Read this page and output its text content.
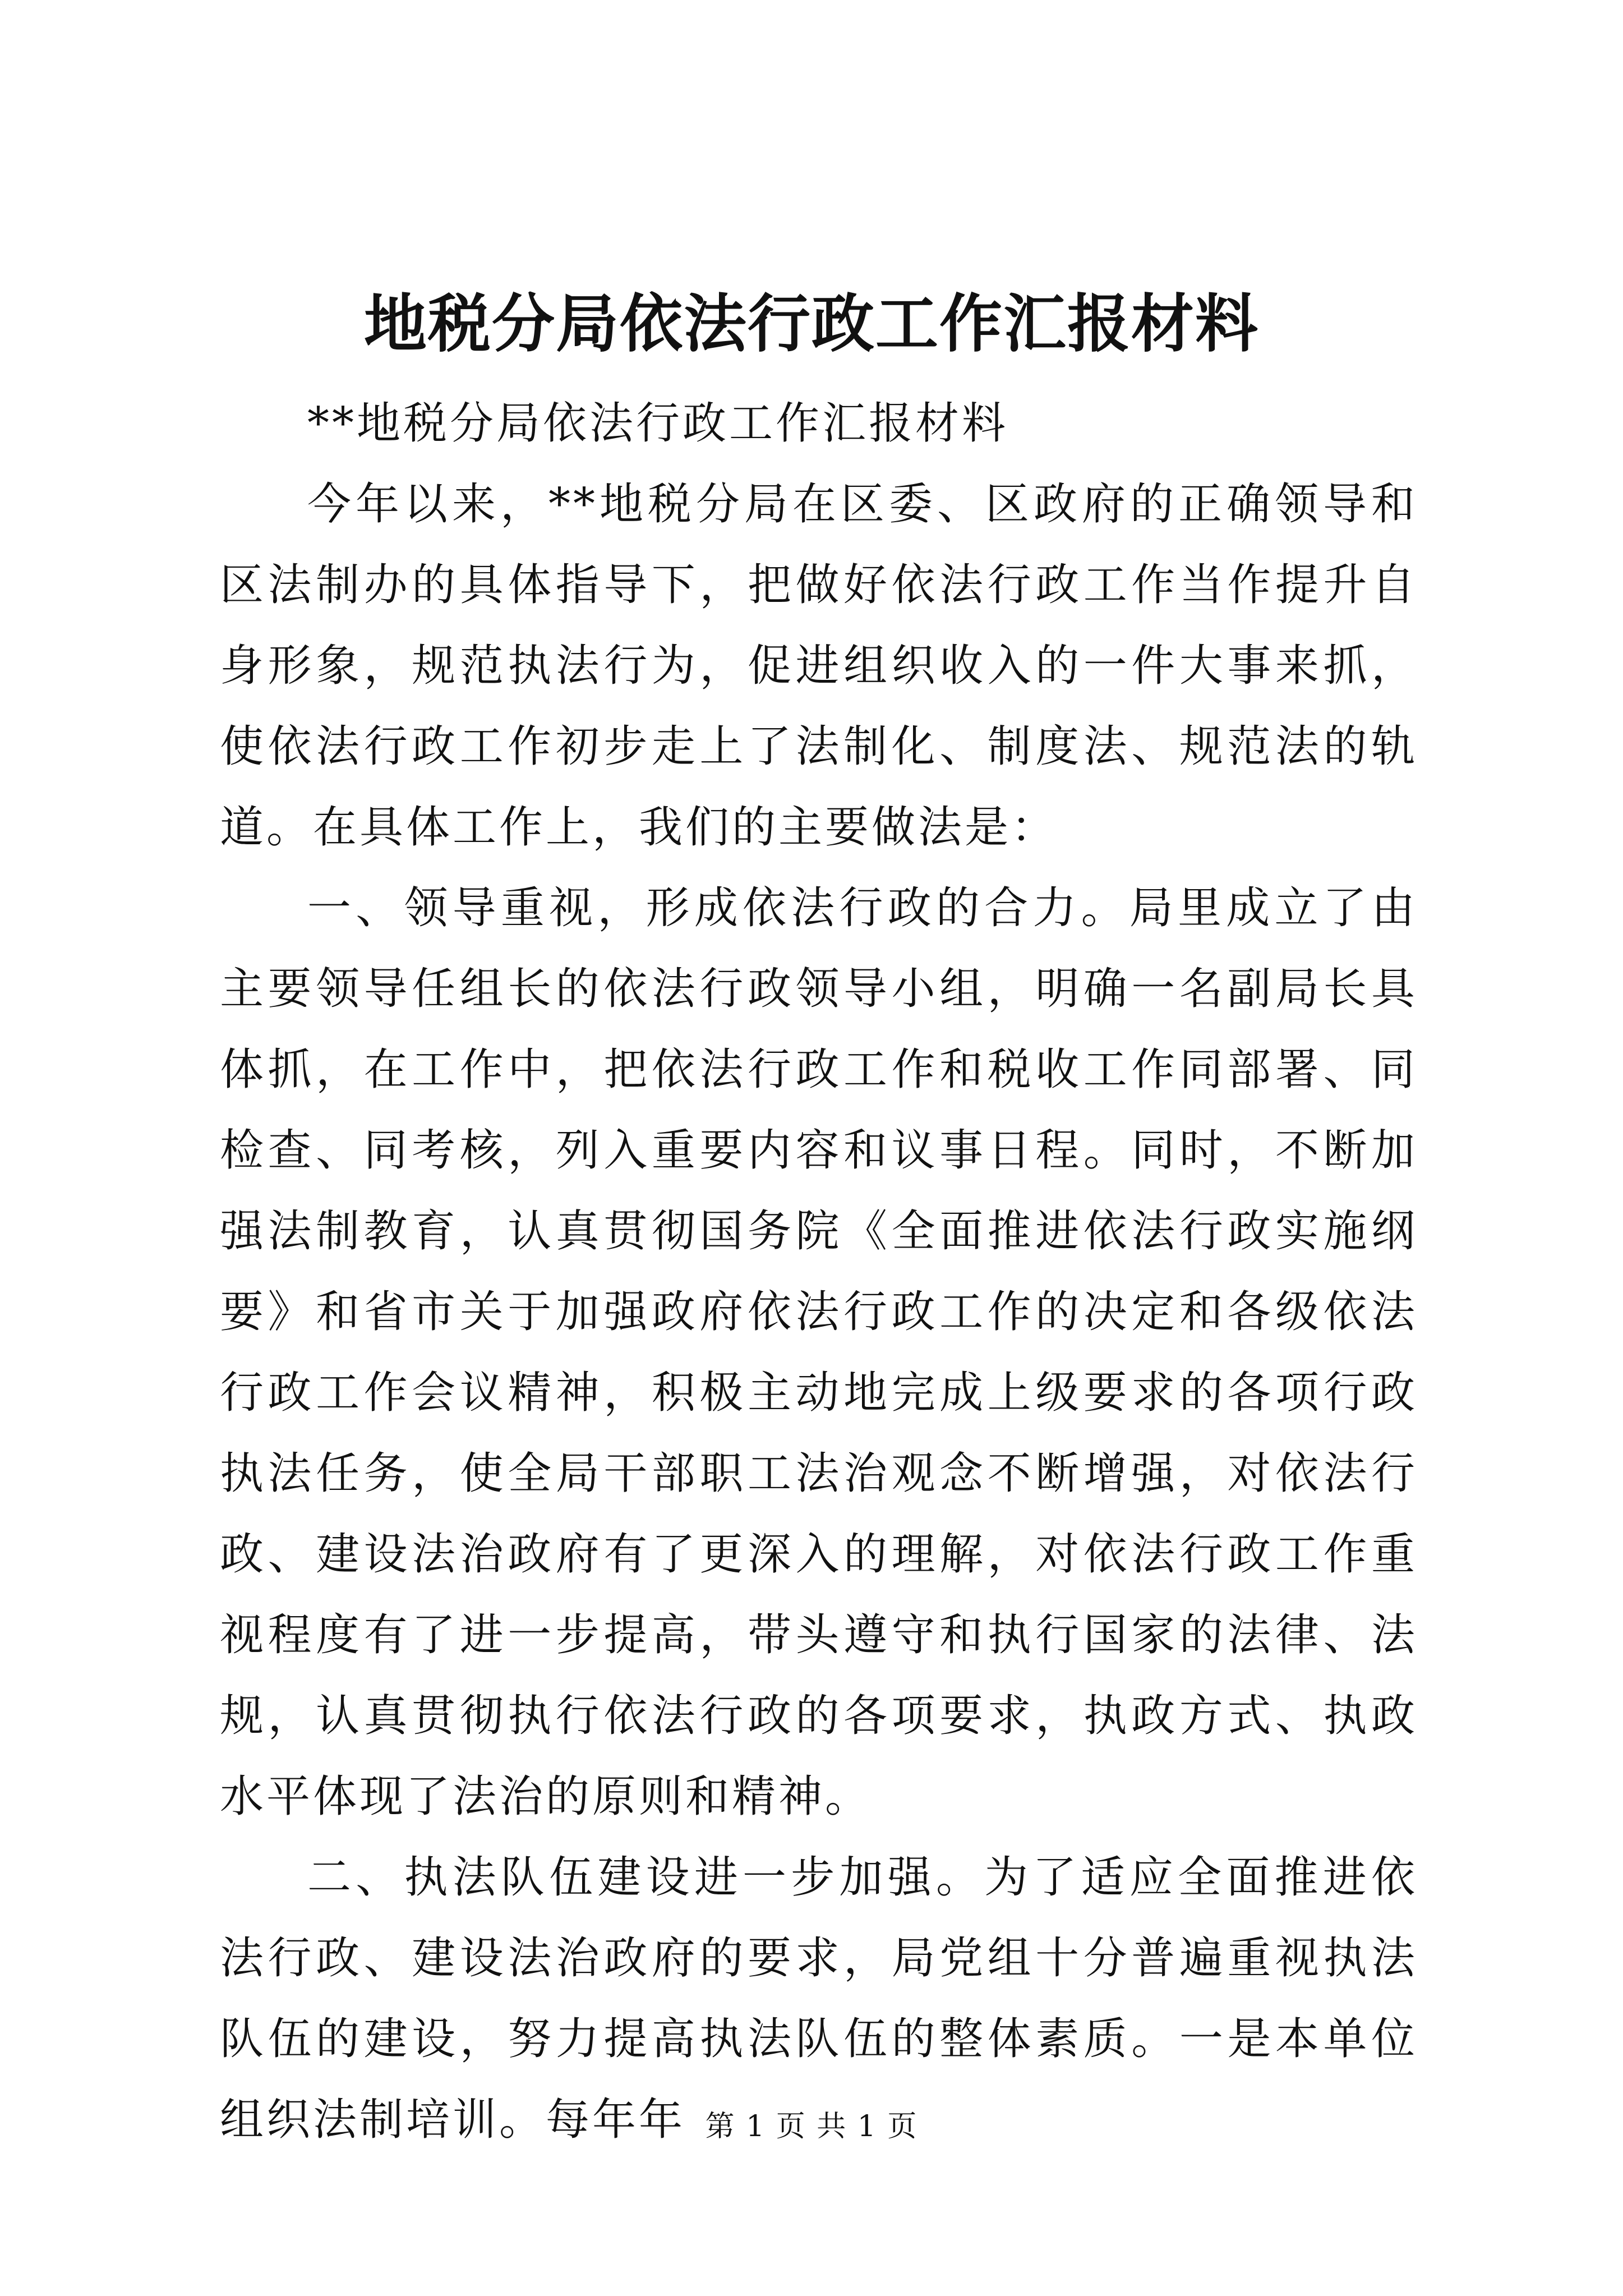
地税分局依法行政工作汇报材料

**地税分局依法行政工作汇报材料

今年以来，**地税分局在区委、区政府的正确领导和区法制办的具体指导下，把做好依法行政工作当作提升自身形象，规范执法行为，促进组织收入的一件大事来抓，使依法行政工作初步走上了法制化、制度法、规范法的轨道。在具体工作上，我们的主要做法是：

一、领导重视，形成依法行政的合力。局里成立了由主要领导任组长的依法行政领导小组，明确一名副局长具体抓，在工作中，把依法行政工作和税收工作同部署、同检查、同考核，列入重要内容和议事日程。同时，不断加强法制教育，认真贯彻国务院《全面推进依法行政实施纲要》和省市关于加强政府依法行政工作的决定和各级依法行政工作会议精神，积极主动地完成上级要求的各项行政执法任务，使全局干部职工法治观念不断增强，对依法行政、建设法治政府有了更深入的理解，对依法行政工作重视程度有了进一步提高，带头遵守和执行国家的法律、法规，认真贯彻执行依法行政的各项要求，执政方式、执政水平体现了法治的原则和精神。

二、执法队伍建设进一步加强。为了适应全面推进依法行政、建设法治政府的要求，局党组十分普遍重视执法队伍的建设，努力提高执法队伍的整体素质。一是本单位组织法制培训。每年年 第 1 页 共 1 页
